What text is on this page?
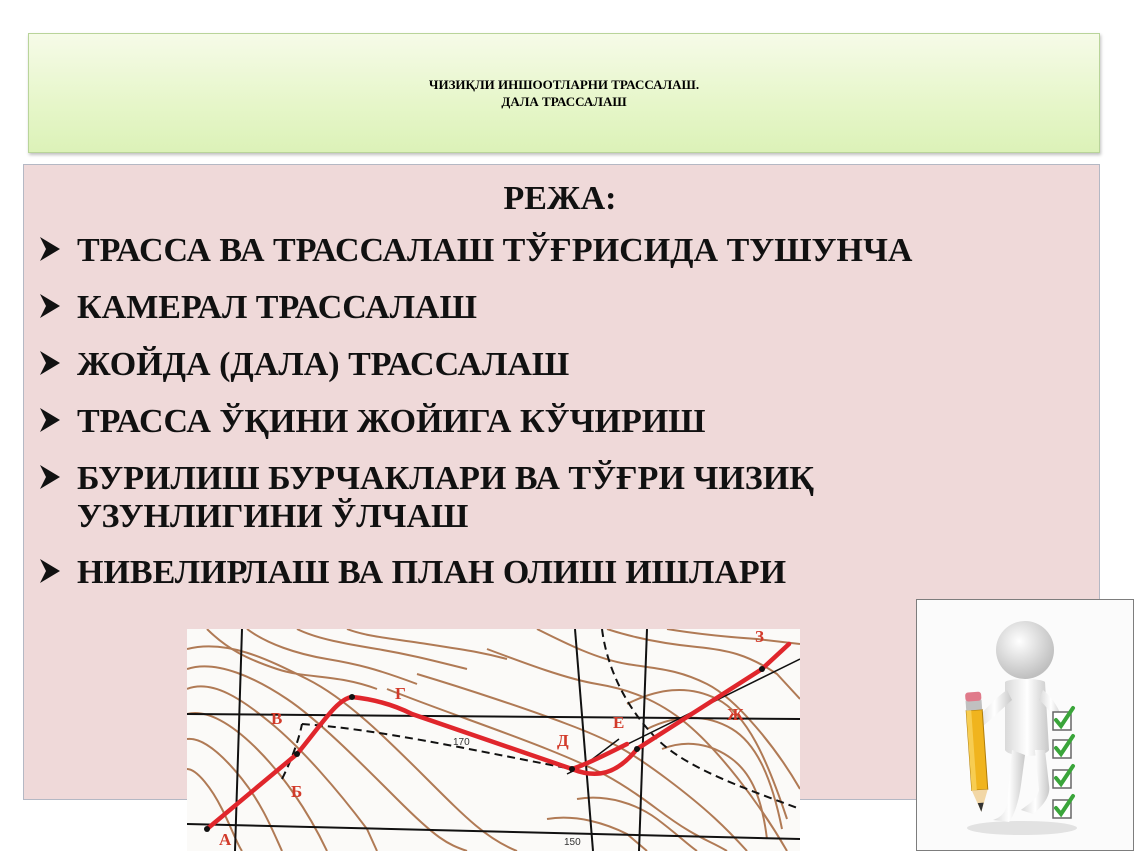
ЧИЗИҚЛИ ИНШООТЛАРНИ ТРАССАЛАШ.
ДАЛА ТРАССАЛАШ
РЕЖА:
ТРАССА ВА ТРАССАЛАШ ТЎҒРИСИДА ТУШУНЧА
КАМЕРАЛ ТРАССАЛАШ
ЖОЙДА (ДАЛА) ТРАССАЛАШ
ТРАССА ЎҚИНИ ЖОЙИГА КЎЧИРИШ
БУРИЛИШ БУРЧАКЛАРИ ВА ТЎҒРИ ЧИЗИҚ
УЗУНЛИГИНИ ЎЛЧАШ
НИВЕЛИРЛАШ ВА ПЛАН ОЛИШ ИШЛАРИ
А
Б
В
Г
Д
Е	Ж
З
170
150
